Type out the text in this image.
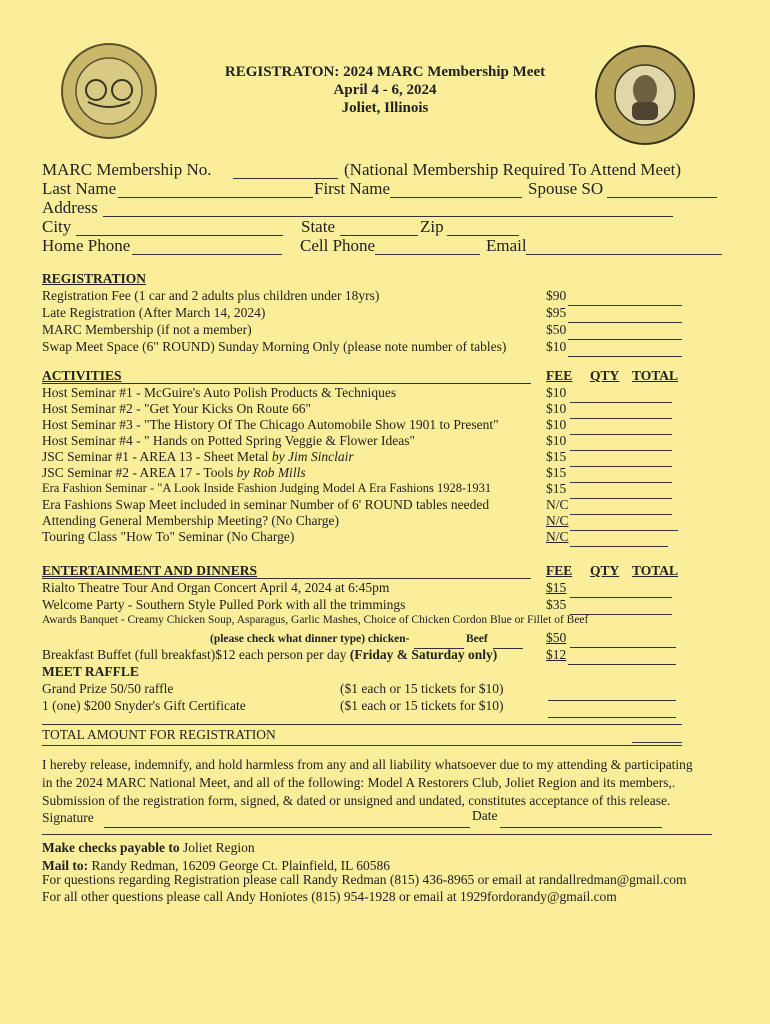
REGISTRATON: 2024 MARC Membership Meet
April 4 - 6, 2024
Joliet, Illinois
MARC Membership No.	(National Membership Required To Attend Meet)
Last Name	First Name	Spouse SO
Address
City	State	Zip
Home Phone	Cell Phone	Email
REGISTRATION
Registration Fee (1 car and 2 adults plus children under 18yrs)	$90
Late Registration (After March 14, 2024)	$95
MARC Membership (if not a member)	$50
Swap Meet Space (6" ROUND) Sunday Morning Only (please note number of tables)	$10
ACTIVITIES	FEE QTY TOTAL
Host Seminar #1 - McGuire's Auto Polish Products & Techniques	$10
Host Seminar #2 - "Get Your Kicks On Route 66"	$10
Host Seminar #3 - "The History Of The Chicago Automobile Show 1901 to Present"	$10
Host Seminar #4 - " Hands on Potted Spring Veggie & Flower Ideas"	$10
JSC Seminar #1 - AREA 13 - Sheet Metal by Jim Sinclair	$15
JSC Seminar #2 - AREA 17 - Tools by Rob Mills	$15
Era Fashion Seminar - "A Look Inside Fashion Judging Model A Era Fashions 1928-1931	$15
Era Fashions Swap Meet included in seminar Number of 6' ROUND tables needed	N/C
Attending General Membership Meeting? (No Charge)	N/C
Touring Class "How To" Seminar (No Charge)	N/C
ENTERTAINMENT AND DINNERS	FEE QTY TOTAL
Rialto Theatre Tour And Organ Concert April 4, 2024 at 6:45pm	$15
Welcome Party - Southern Style Pulled Pork with all the trimmings	$35
Awards Banquet - Creamy Chicken Soup, Asparagus, Garlic Mashes, Choice of Chicken Cordon Blue or Fillet of Beef
(please check what dinner type) chicken-	Beef	$50
Breakfast Buffet (full breakfast)$12 each person per day (Friday & Saturday only)	$12
MEET RAFFLE
Grand Prize 50/50 raffle	($1 each or 15 tickets for $10)
1 (one) $200 Snyder's Gift Certificate	($1 each or 15 tickets for $10)
TOTAL AMOUNT FOR REGISTRATION
I hereby release, indemnify, and hold harmless from any and all liability whatsoever due to my attending & participating
in the 2024 MARC National Meet, and all of the following: Model A Restorers Club, Joliet Region and its members,.
Submission of the registration form, signed, & dated or unsigned and undated, constitutes acceptance of this release.
Signature	Date
Make checks payable to Joliet Region
Mail to: Randy Redman, 16209 George Ct. Plainfield, IL 60586
For questions regarding Registration please call Randy Redman (815) 436-8965 or email at randallredman@gmail.com
For all other questions please call Andy Honiotes (815) 954-1928 or email at 1929fordorandy@gmail.com
